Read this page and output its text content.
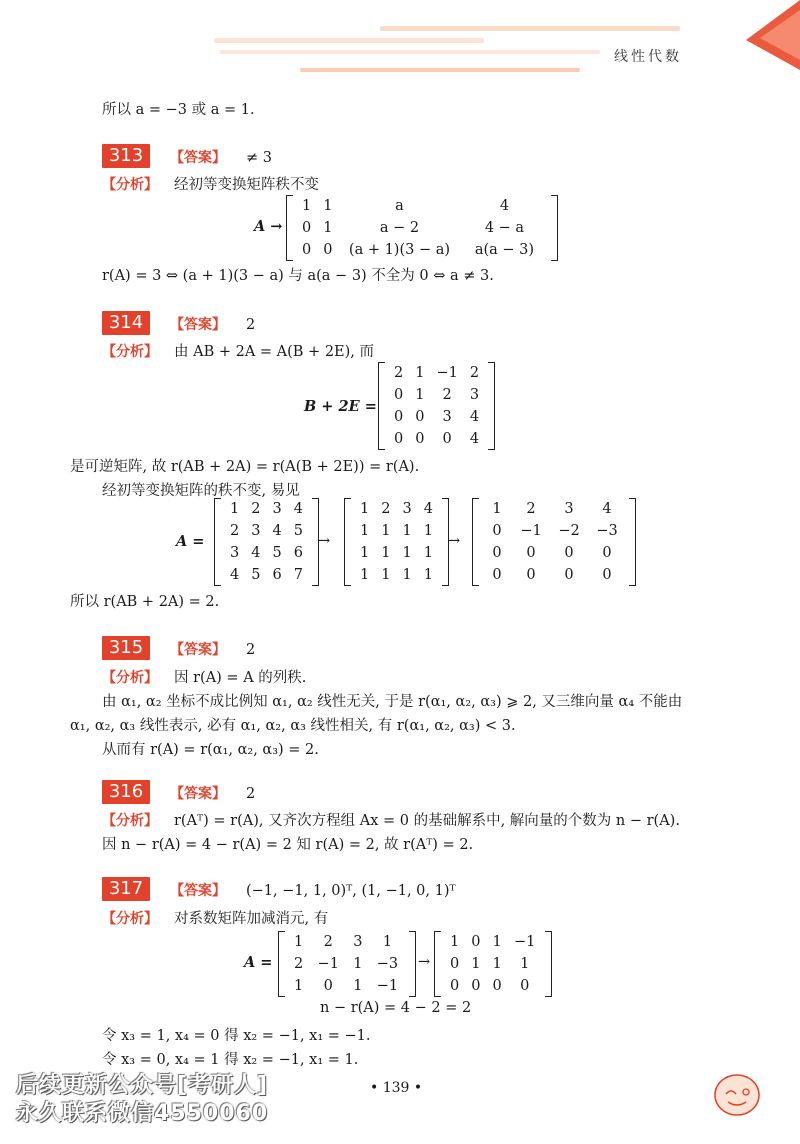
线性代数
所以 a = −3 或 a = 1.
313	【答案】 ≠ 3
【分析】 经初等变换矩阵秩不变
A →
1	1	a	4
0	1	a − 2	4 − a
0	0	(a + 1)(3 − a)	a(a − 3)
r(A) = 3 ⇔ (a + 1)(3 − a) 与 a(a − 3) 不全为 0 ⇔ a ≠ 3.
314	【答案】 2
【分析】 由 AB + 2A = A(B + 2E), 而
B + 2E =
2	1	−1	2
0	1	2	3
0	0	3	4
0	0	0	4
是可逆矩阵, 故 r(AB + 2A) = r(A(B + 2E)) = r(A).
经初等变换矩阵的秩不变, 易见
A =
1	2	3	4
2	3	4	5
3	4	5	6
4	5	6	7
→
1	2	3	4
1	1	1	1
1	1	1	1
1	1	1	1
→
1	2	3	4
0	−1	−2	−3
0	0	0	0
0	0	0	0
所以 r(AB + 2A) = 2.
315	【答案】 2
【分析】 因 r(A) = A 的列秩.
由 α₁, α₂ 坐标不成比例知 α₁, α₂ 线性无关, 于是 r(α₁, α₂, α₃) ⩾ 2, 又三维向量 α₄ 不能由
α₁, α₂, α₃ 线性表示, 必有 α₁, α₂, α₃ 线性相关, 有 r(α₁, α₂, α₃) < 3.
从而有 r(A) = r(α₁, α₂, α₃) = 2.
316	【答案】 2
【分析】 r(Aᵀ) = r(A), 又齐次方程组 Ax = 0 的基础解系中, 解向量的个数为 n − r(A).
因 n − r(A) = 4 − r(A) = 2 知 r(A) = 2, 故 r(Aᵀ) = 2.
317	【答案】 (−1, −1, 1, 0)ᵀ, (1, −1, 0, 1)ᵀ
【分析】 对系数矩阵加减消元, 有
A =
1	2	3	1
2	−1	1	−3
1	0	1	−1
→
1	0	1	−1
0	1	1	1
0	0	0	0
n − r(A) = 4 − 2 = 2
令 x₃ = 1, x₄ = 0 得 x₂ = −1, x₁ = −1.
令 x₃ = 0, x₄ = 1 得 x₂ = −1, x₁ = 1.
后续更新公众号[考研人]
永久联系微信4550060
• 139 •
